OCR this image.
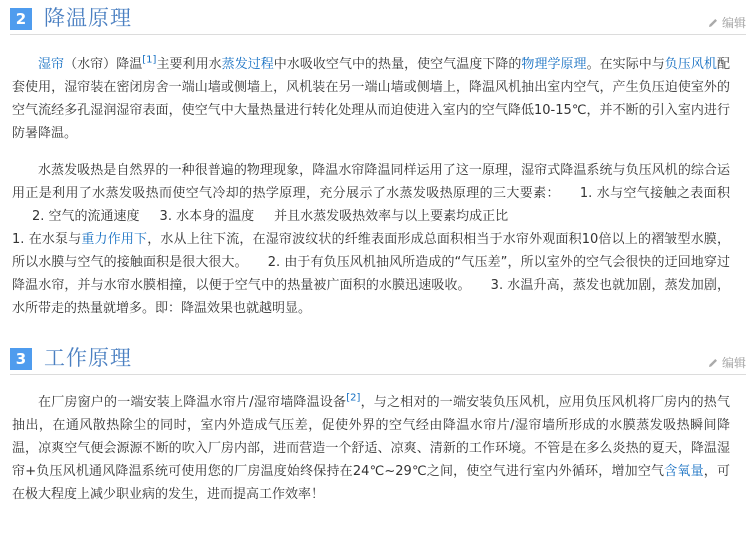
2 降温原理	编辑

湿帘（水帘）降温[1]主要利用水蒸发过程中水吸收空气中的热量，使空气温度下降的物理学原理。在实际中与负压风机配套使用，湿帘装在密闭房舍一端山墙或侧墙上，风机装在另一端山墙或侧墙上，降温风机抽出室内空气，产生负压迫使室外的空气流经多孔湿润湿帘表面，使空气中大量热量进行转化处理从而迫使进入室内的空气降低10-15℃，并不断的引入室内进行防暑降温。

水蒸发吸热是自然界的一种很普遍的物理现象，降温水帘降温同样运用了这一原理，湿帘式降温系统与负压风机的综合运用正是利用了水蒸发吸热而使空气冷却的热学原理，充分展示了水蒸发吸热原理的三大要素： 1. 水与空气接触之表面积2. 空气的流通速度 3. 水本身的温度 并且水蒸发吸热效率与以上要素均成正比
1. 在水泵与重力作用下，水从上往下流，在湿帘波纹状的纤维表面形成总面积相当于水帘外观面积10倍以上的褶皱型水膜，所以水膜与空气的接触面积是很大很大。 2. 由于有负压风机抽风所造成的“气压差”，所以室外的空气会很快的迂回地穿过降温水帘，并与水帘水膜相撞，以便于空气中的热量被广面积的水膜迅速吸收。 3. 水温升高，蒸发也就加剧，蒸发加剧，水所带走的热量就增多。即：降温效果也就越明显。

3 工作原理	编辑

在厂房窗户的一端安装上降温水帘片/湿帘墙降温设备[2]，与之相对的一端安装负压风机，应用负压风机将厂房内的热气抽出，在通风散热除尘的同时，室内外造成气压差，促使外界的空气经由降温水帘片/湿帘墙所形成的水膜蒸发吸热瞬间降温，凉爽空气便会源源不断的吹入厂房内部，进而营造一个舒适、凉爽、清新的工作环境。不管是在多么炎热的夏天，降温湿帘+负压风机通风降温系统可使用您的厂房温度始终保持在24℃~29℃之间，使空气进行室内外循环，增加空气含氧量，可在极大程度上减少职业病的发生，进而提高工作效率！
